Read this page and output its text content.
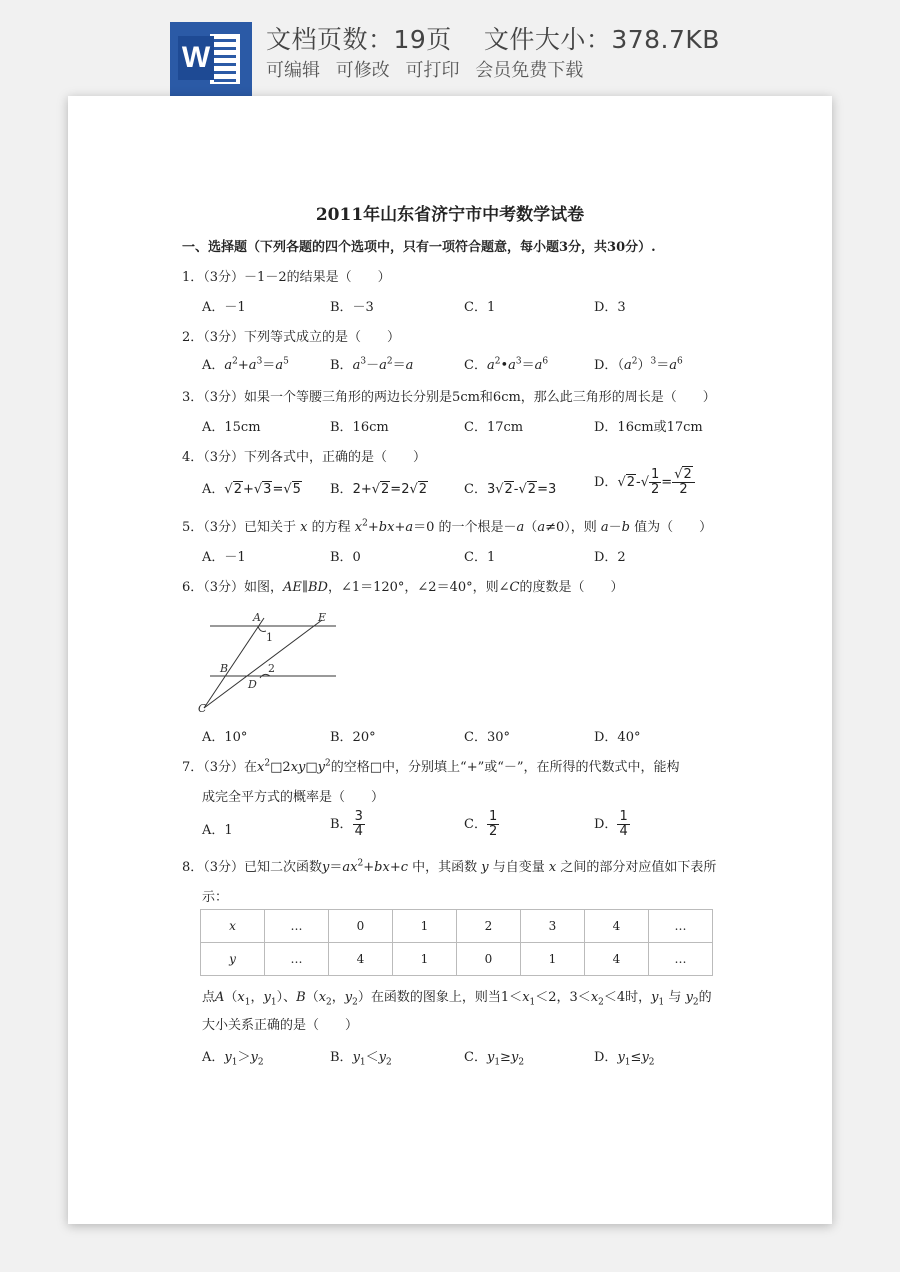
W
文档页数：19页 文件大小：378.7KB
可编辑 可修改 可打印 会员免费下载
2011年山东省济宁市中考数学试卷
一、选择题（下列各题的四个选项中，只有一项符合题意，每小题3分，共30分）.
1．（3分）－1－2的结果是（　　）
A．－1	B．－3	C．1	D．3
2．（3分）下列等式成立的是（　　）
A．$a^2+a^3=a^5$	B．$a^3-a^2=a$	C．$a^2•a^3=a^6$	D．$(a^2)^3=a^6$
3．（3分）如果一个等腰三角形的两边长分别是5cm和6cm，那么此三角形的周长是（　　）
A．15cm	B．16cm	C．17cm	D．16cm或17cm
4．（3分）下列各式中，正确的是（　　）
A．√2+√3=√5 B．2+√2=2√2	C．3√2-√2=3	D．$√2-√ \frac{1}{2} = \frac{√2}{2}$
5．（3分）已知关于 x 的方程 $x^2+bx+a=0$ 的一个根是－a（a≠0），则 a－b 值为（　　）
A．－1	B．0	C．1	D．2
6．（3分）如图，AE∥BD，∠1＝120°，∠2＝40°，则∠C的度数是（　　）
A	E
1
B	2
D
C
A．10°	B．20°	C．30°	D．40°
7．（3分）在$x^2□2xy□y^2$的空格□中，分别填上“+”或“－”，在所得的代数式中，能构
成完全平方式的概率是（　　）
A．1	B． $\frac{3}{4}$	C． $\frac{1}{2}$	D． $\frac{1}{4}$
8．（3分）已知二次函数$y=ax^2+bx+c$ 中，其函数 y 与自变量 x 之间的部分对应值如下表所
示：
x	…	0	1	2	3	4	…
y	…	4	1	0	1	4	…
点$A(x_1$，$y_1$）、$B(x_2$，$y_2$）在函数的图象上，则当$1<x_1<2$，$3<x_2<4$时，$y_1$ 与 $y_2$的
大小关系正确的是（　　）
A．$y_1>y_2$	B．$y_1<y_2$	C．$y_1\ge y_2$	D．$y_1\le y_2$
